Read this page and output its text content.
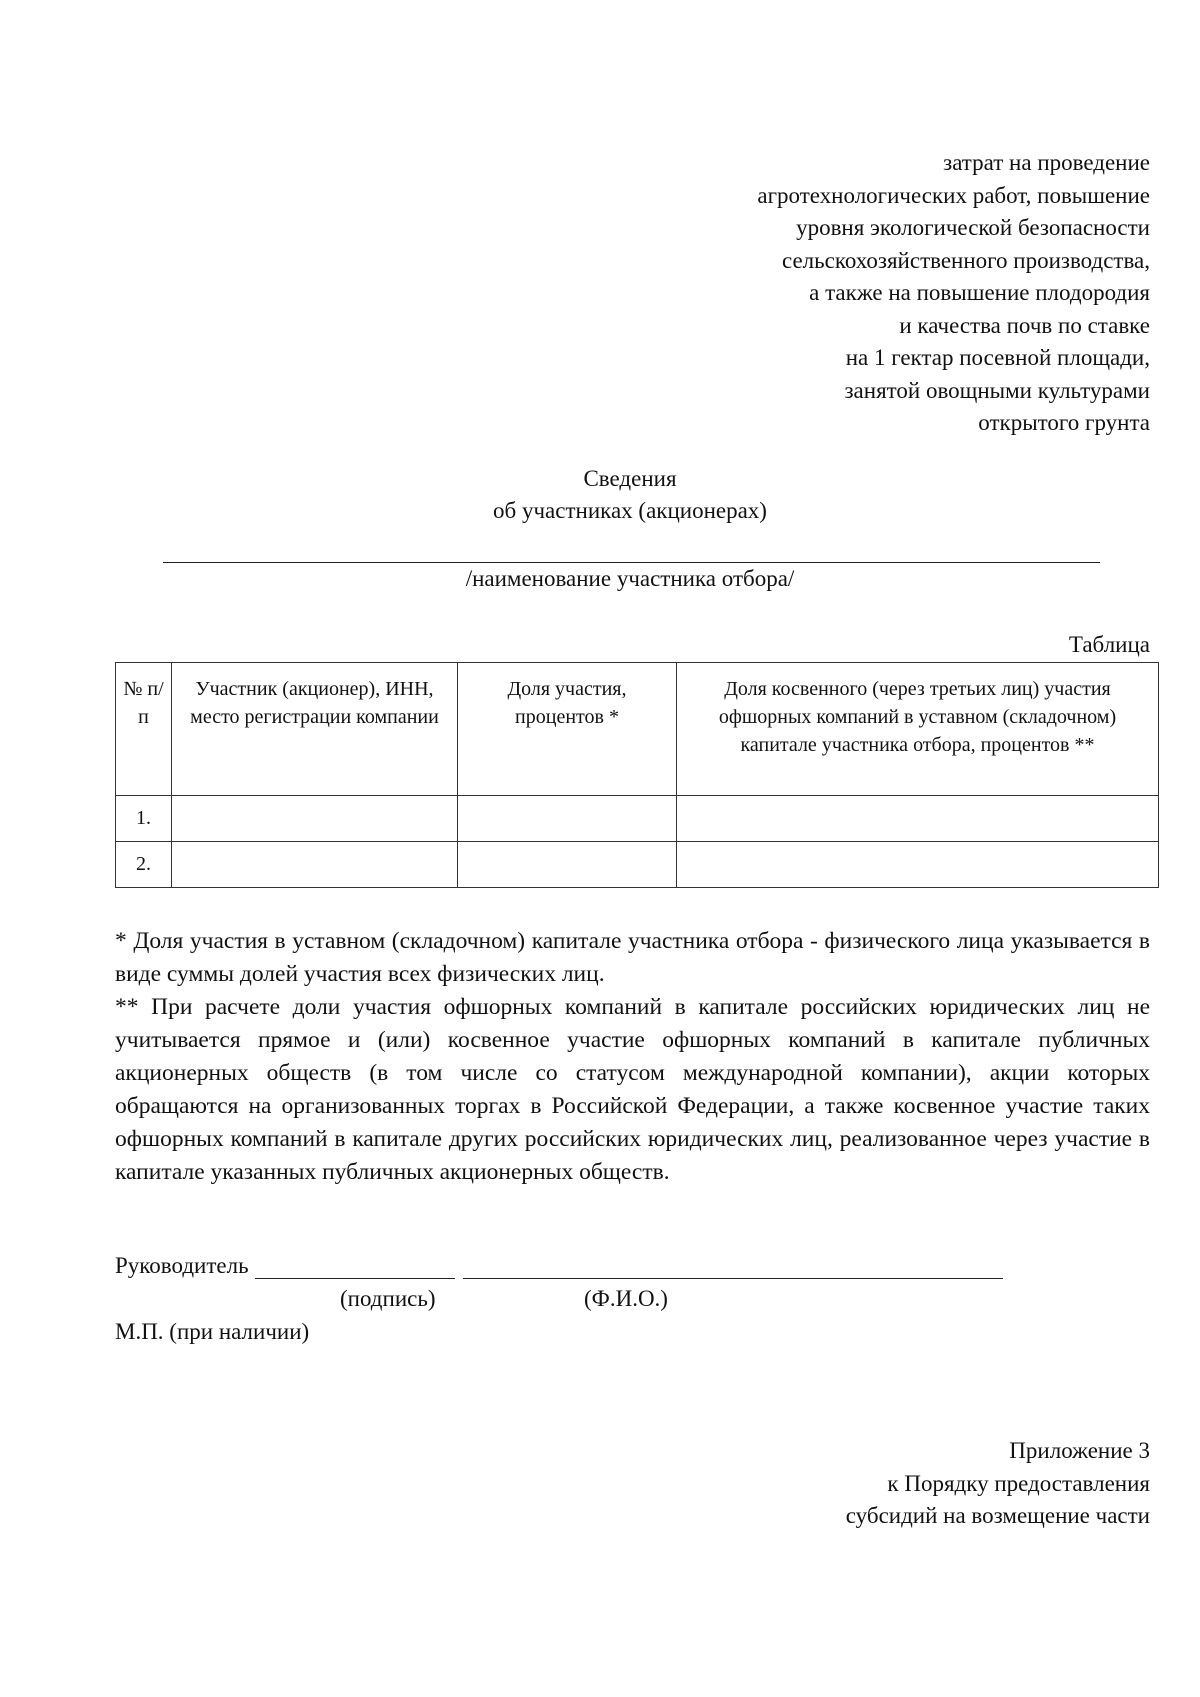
затрат на проведение
агротехнологических работ, повышение
уровня экологической безопасности
сельскохозяйственного производства,
а также на повышение плодородия
и качества почв по ставке
на 1 гектар посевной площади,
занятой овощными культурами
открытого грунта
Сведения
об участниках (акционерах)
/наименование участника отбора/
Таблица
№ п/п	Участник (акционер), ИНН, место регистрации компании	Доля участия, процентов *	Доля косвенного (через третьих лиц) участия офшорных компаний в уставном (складочном) капитале участника отбора, процентов **
1.			
2.			

* Доля участия в уставном (складочном) капитале участника отбора - физического лица указывается в виде суммы долей участия всех физических лиц.

** При расчете доли участия офшорных компаний в капитале российских юридических лиц не учитывается прямое и (или) косвенное участие офшорных компаний в капитале публичных акционерных обществ (в том числе со статусом международной компании), акции которых обращаются на организованных торгах в Российской Федерации, а также косвенное участие таких офшорных компаний в капитале других российских юридических лиц, реализованное через участие в капитале указанных публичных акционерных обществ.

Руководитель
(подпись)	(Ф.И.О.)
М.П. (при наличии)
Приложение 3
к Порядку предоставления
субсидий на возмещение части
